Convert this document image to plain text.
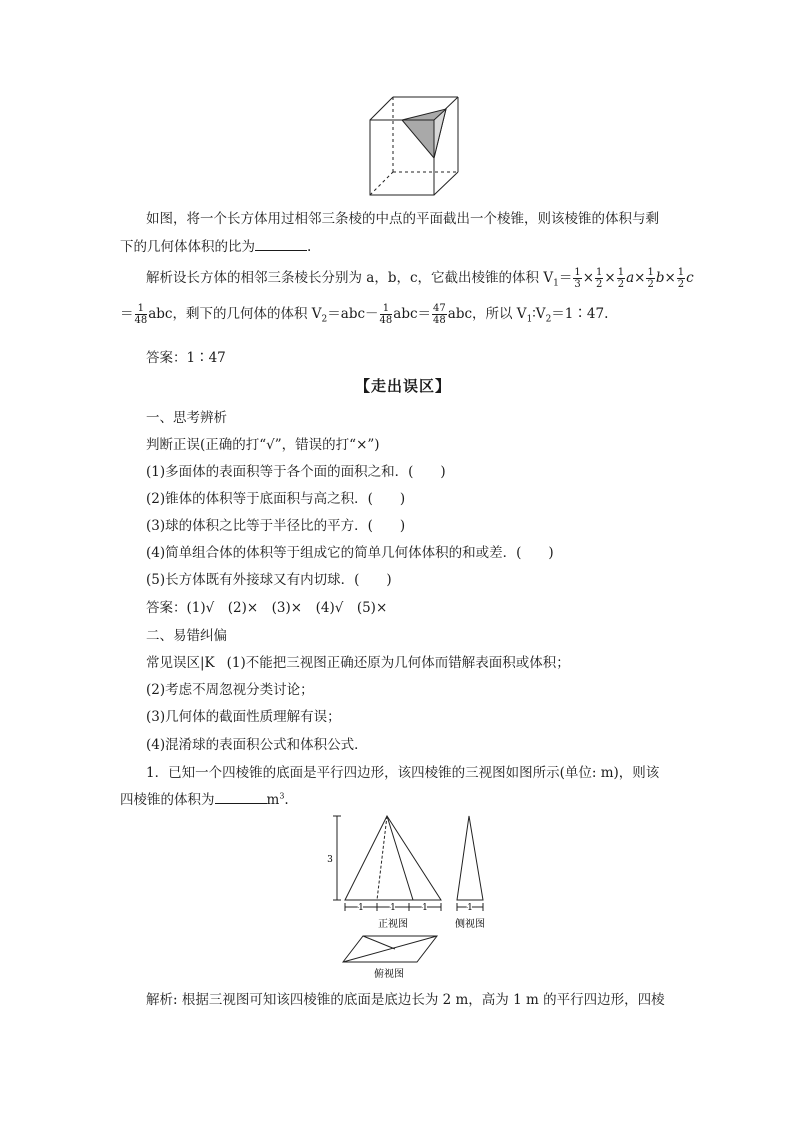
如图，将一个长方体用过相邻三条棱的中点的平面截出一个棱锥，则该棱锥的体积与剩
下的几何体体积的比为	.
解析设长方体的相邻三条棱长分别为 a，b，c，它截出棱锥的体积 $V_1= \frac{1}{3} \times \frac{1}{2} \times \frac{1}{2} a\times \frac{1}{2} b\times \frac{1}{2}$ c
＝ $\frac{1}{48}$ abc，剩下的几何体的体积 $V_2=abc- \frac{1}{48} abc= \frac{47}{48}$ abc，所以 $V_1∶V_2=1∶47$.
答案：1∶47
【走出误区】
一、思考辨析
判断正误(正确的打“√”，错误的打“×”)
(1)多面体的表面积等于各个面的面积之和．(　　)
(2)锥体的体积等于底面积与高之积．(　　)
(3)球的体积之比等于半径比的平方．(　　)
(4)简单组合体的体积等于组成它的简单几何体体积的和或差．(　　)
(5)长方体既有外接球又有内切球．(　　)
答案：(1)√　(2)×　(3)×　(4)√　(5)×
二、易错纠偏
常见误区|K (1)不能把三视图正确还原为几何体而错解表面积或体积；
(2)考虑不周忽视分类讨论；
(3)几何体的截面性质理解有误；
(4)混淆球的表面积公式和体积公式．
1．已知一个四棱锥的底面是平行四边形，该四棱锥的三视图如图所示(单位: m)，则该
四棱锥的体积为	$m^3$.
3
1	1	1	1
正视图	侧视图
俯视图
解析: 根据三视图可知该四棱锥的底面是底边长为 2 m，高为 1 m 的平行四边形，四棱
